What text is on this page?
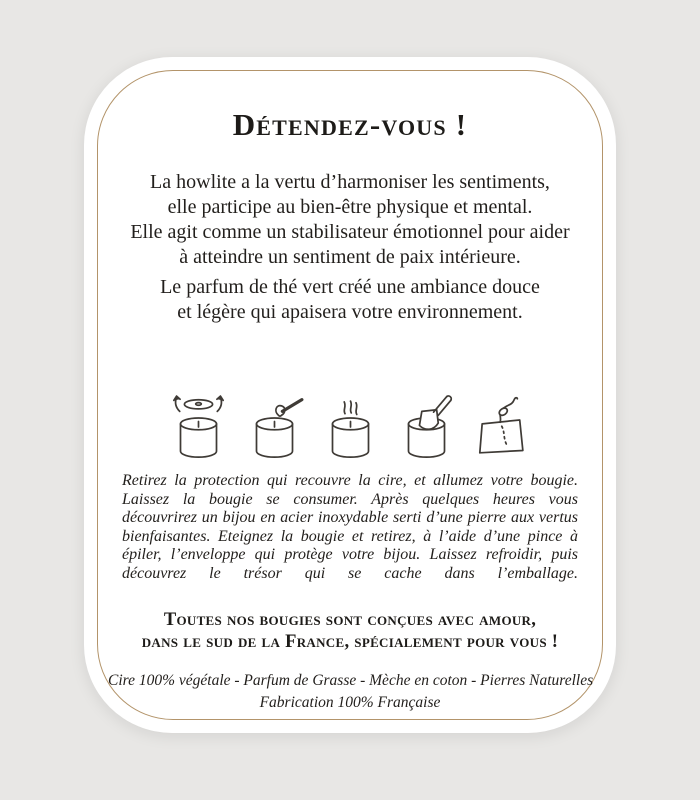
Détendez-vous !
La howlite a la vertu d’harmoniser les sentiments,
elle participe au bien-être physique et mental.
Elle agit comme un stabilisateur émotionnel pour aider
à atteindre un sentiment de paix intérieure.
Le parfum de thé vert créé une ambiance douce
et légère qui apaisera votre environnement.

Retirez la protection qui recouvre la cire, et allumez votre bougie. Laissez la bougie se consumer. Après quelques heures vous découvrirez un bijou en acier inoxydable serti d’une pierre aux vertus bienfaisantes. Eteignez la bougie et retirez, à l’aide d’une pince à épiler, l’enveloppe qui protège votre bijou. Laissez refroidir, puis découvrez le trésor qui se cache dans l’emballage.

Toutes nos bougies sont conçues avec amour,
dans le sud de la France, spécialement pour vous !
Cire 100% végétale - Parfum de Grasse - Mèche en coton - Pierres Naturelles
Fabrication 100% Française
